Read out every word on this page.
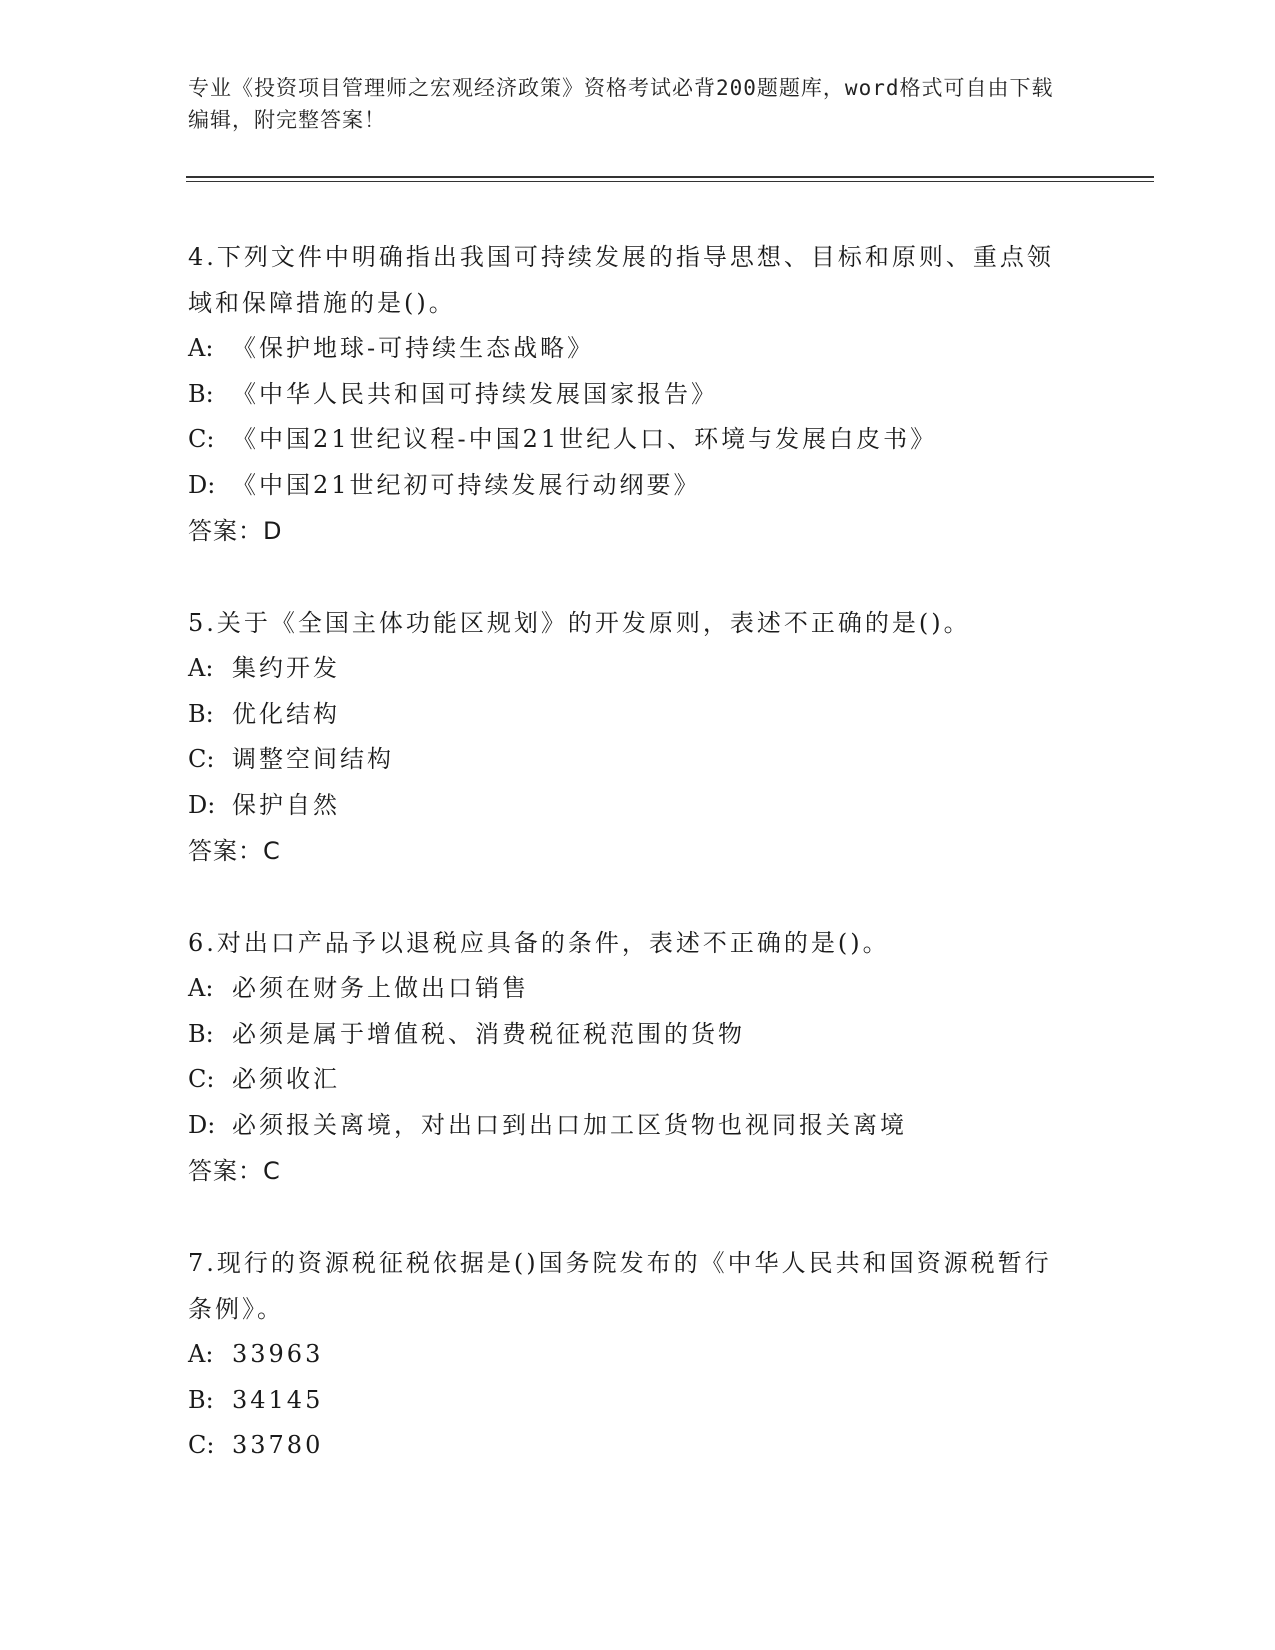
专业《投资项目管理师之宏观经济政策》资格考试必背200题题库，word格式可自由下载编辑，附完整答案！

4.下列文件中明确指出我国可持续发展的指导思想、目标和原则、重点领域和保障措施的是()。

A: 《保护地球-可持续生态战略》

B: 《中华人民共和国可持续发展国家报告》

C: 《中国21世纪议程-中国21世纪人口、环境与发展白皮书》

D: 《中国21世纪初可持续发展行动纲要》

答案：D

5.关于《全国主体功能区规划》的开发原则，表述不正确的是()。

A: 集约开发

B: 优化结构

C: 调整空间结构

D: 保护自然

答案：C

6.对出口产品予以退税应具备的条件，表述不正确的是()。

A: 必须在财务上做出口销售

B: 必须是属于增值税、消费税征税范围的货物

C: 必须收汇

D: 必须报关离境，对出口到出口加工区货物也视同报关离境

答案：C

7.现行的资源税征税依据是()国务院发布的《中华人民共和国资源税暂行条例》。

A: 33963

B: 34145

C: 33780
